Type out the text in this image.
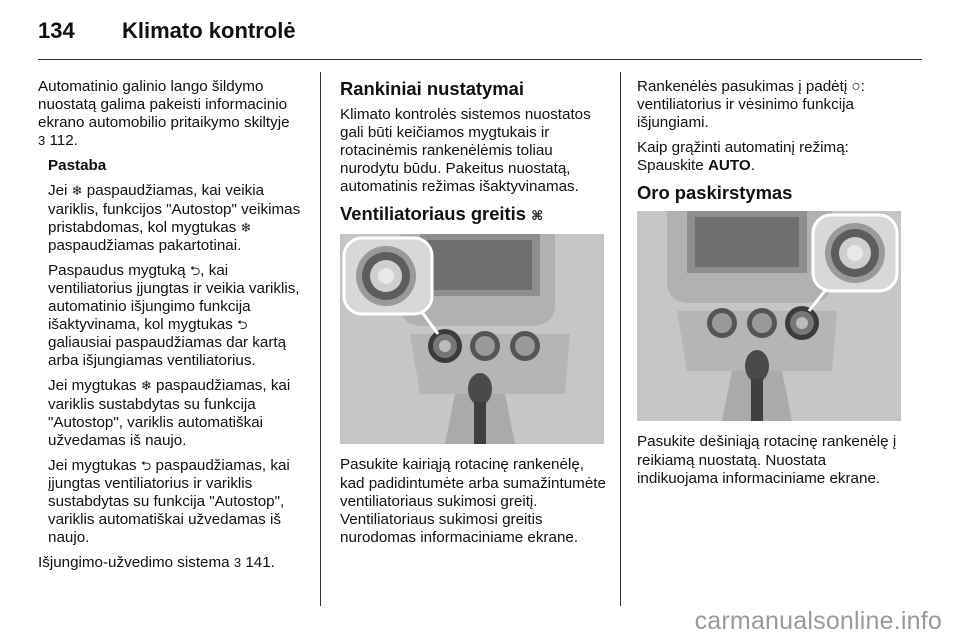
134 Klimato kontrolė

Automatinio galinio lango šildymo nuostatą galima pakeisti informacinio ekrano automobilio pritaikymo skiltyje
3 112.

Pastaba

Jei ❄ paspaudžiamas, kai veikia variklis, funkcijos "Autostop" veikimas pristabdomas, kol mygtukas ❄ paspaudžiamas pakartotinai.

Paspaudus mygtuką ⮌, kai ventiliatorius įjungtas ir veikia variklis, automatinio išjungimo funkcija išaktyvinama, kol mygtukas ⮌ galiausiai paspaudžiamas dar kartą arba išjungiamas ventiliatorius.

Jei mygtukas ❄ paspaudžiamas, kai variklis sustabdytas su funkcija "Autostop", variklis automatiškai užvedamas iš naujo.

Jei mygtukas ⮌ paspaudžiamas, kai įjungtas ventiliatorius ir variklis sustabdytas su funkcija "Autostop", variklis automatiškai užvedamas iš naujo.

Išjungimo-užvedimo sistema 3 141.

Rankiniai nustatymai

Klimato kontrolės sistemos nuostatos gali būti keičiamos mygtukais ir rotacinėmis rankenėlėmis toliau nurodytu būdu. Pakeitus nuostatą, automatinis režimas išaktyvinamas.

Ventiliatoriaus greitis ⌘

Pasukite kairiąją rotacinę rankenėlę, kad padidintumėte arba sumažintumėte ventiliatoriaus sukimosi greitį. Ventiliatoriaus sukimosi greitis nurodomas informaciniame ekrane.

Rankenėlės pasukimas į padėtį ○: ventiliatorius ir vėsinimo funkcija išjungiami.

Kaip grąžinti automatinį režimą: Spauskite AUTO.

Oro paskirstymas

Pasukite dešiniąją rotacinę rankenėlę į reikiamą nuostatą. Nuostata indikuojama informaciniame ekrane.

carmanualsonline.info
